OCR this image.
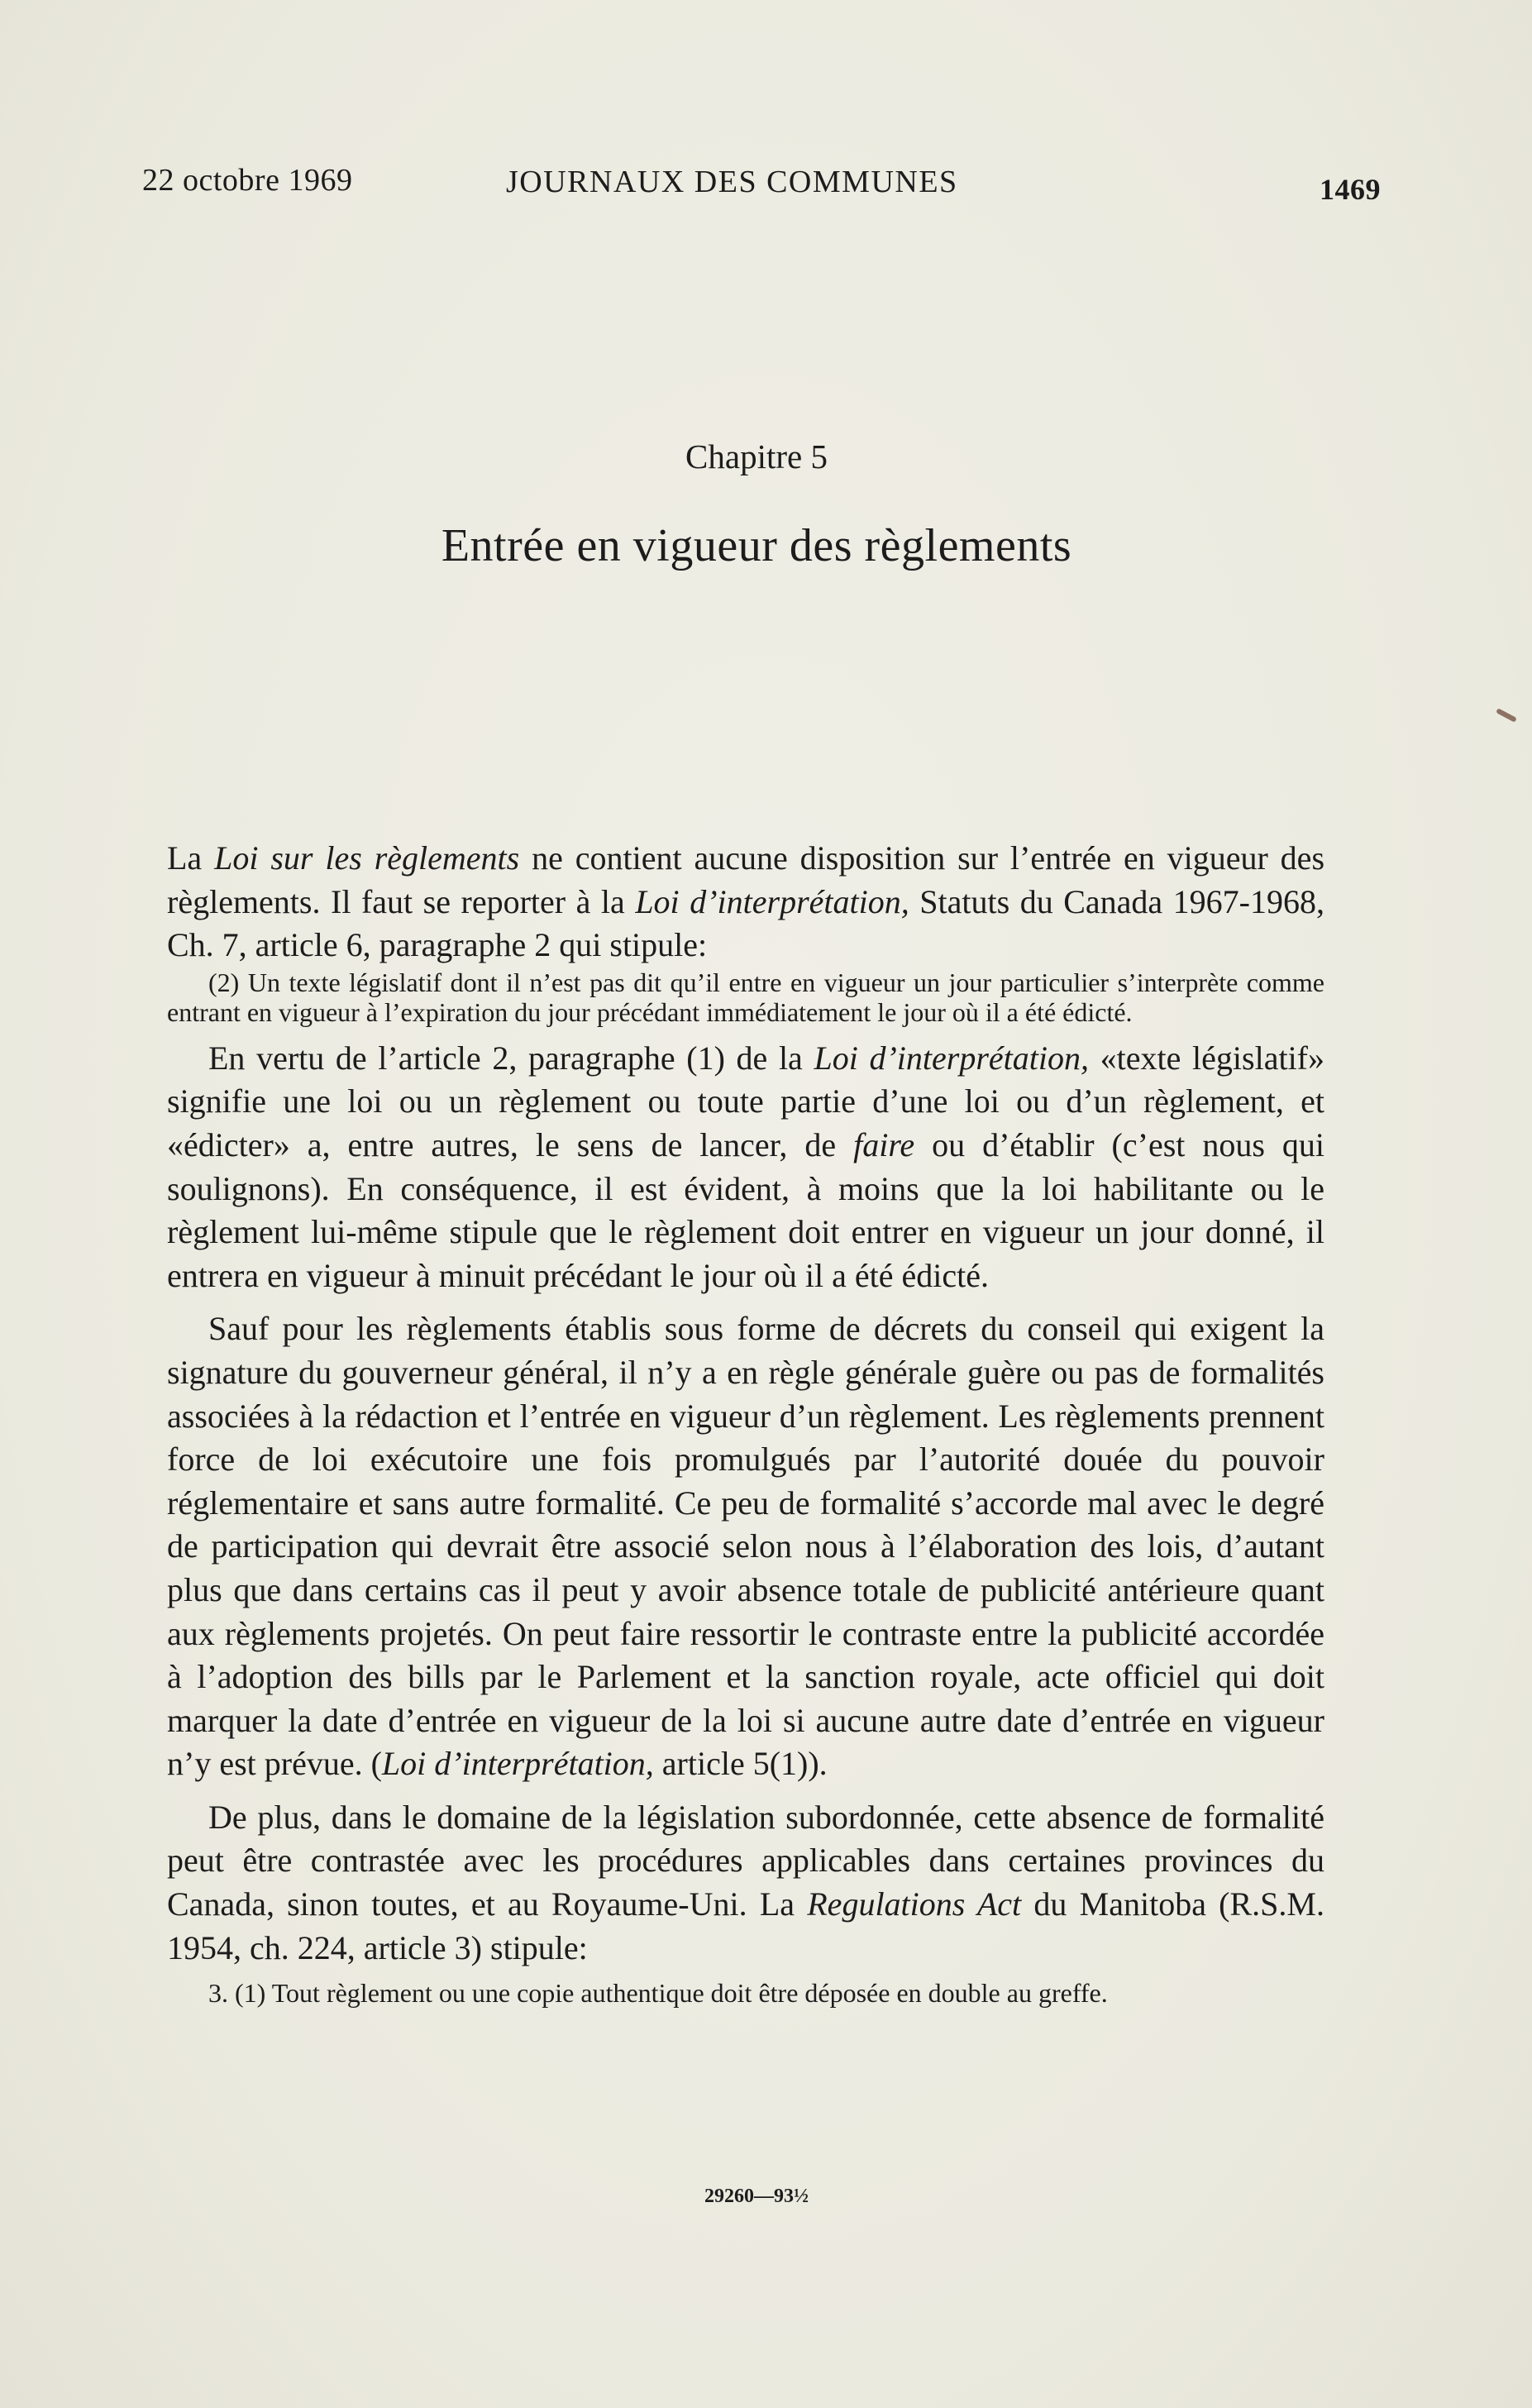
22 octobre 1969	JOURNAUX DES COMMUNES	1469
Chapitre 5
Entrée en vigueur des règlements

La Loi sur les règlements ne contient aucune disposition sur l’entrée en vigueur des règlements. Il faut se reporter à la Loi d’interprétation, Statuts du Canada 1967-1968, Ch. 7, article 6, paragraphe 2 qui stipule:

(2) Un texte législatif dont il n’est pas dit qu’il entre en vigueur un jour particulier s’interprète comme entrant en vigueur à l’expiration du jour précédant immédiatement le jour où il a été édicté.

En vertu de l’article 2, paragraphe (1) de la Loi d’interprétation, «texte législatif» signifie une loi ou un règlement ou toute partie d’une loi ou d’un règlement, et «édicter» a, entre autres, le sens de lancer, de faire ou d’établir (c’est nous qui soulignons). En conséquence, il est évident, à moins que la loi habilitante ou le règlement lui-même stipule que le règlement doit entrer en vigueur un jour donné, il entrera en vigueur à minuit précédant le jour où il a été édicté.

Sauf pour les règlements établis sous forme de décrets du conseil qui exigent la signature du gouverneur général, il n’y a en règle générale guère ou pas de formalités associées à la rédaction et l’entrée en vigueur d’un règlement. Les règlements prennent force de loi exécutoire une fois promulgués par l’autorité douée du pouvoir réglementaire et sans autre formalité. Ce peu de formalité s’accorde mal avec le degré de participation qui devrait être associé selon nous à l’élaboration des lois, d’autant plus que dans certains cas il peut y avoir absence totale de publicité antérieure quant aux règlements projetés. On peut faire ressortir le contraste entre la publicité accordée à l’adoption des bills par le Parlement et la sanction royale, acte officiel qui doit marquer la date d’entrée en vigueur de la loi si aucune autre date d’entrée en vigueur n’y est prévue. (Loi d’interprétation, article 5(1)).

De plus, dans le domaine de la législation subordonnée, cette absence de formalité peut être contrastée avec les procédures applicables dans certaines provinces du Canada, sinon toutes, et au Royaume-Uni. La Regulations Act du Manitoba (R.S.M. 1954, ch. 224, article 3) stipule:

3. (1) Tout règlement ou une copie authentique doit être déposée en double au greffe.

29260—93½
